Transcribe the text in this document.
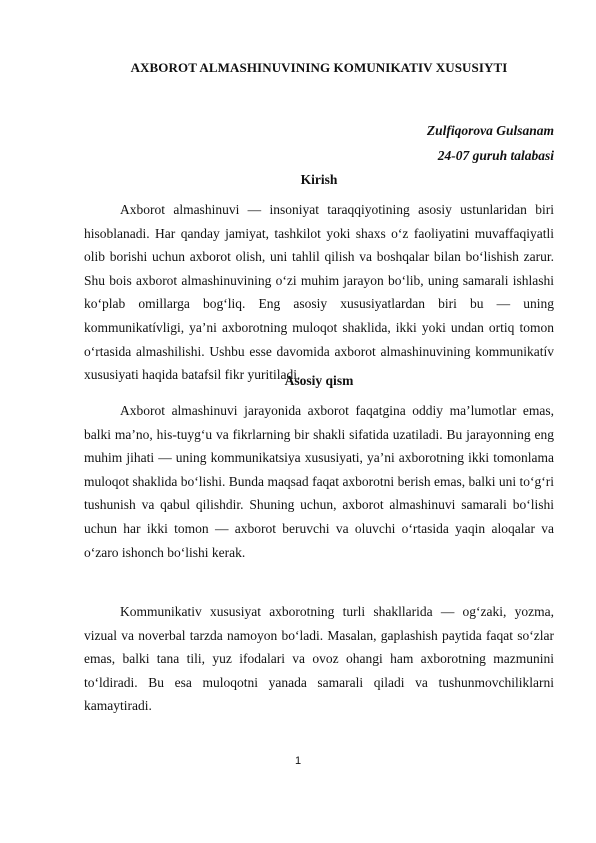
AXBOROT ALMASHINUVINING KOMUNIKATIV XUSUSIYTI
Zulfiqorova Gulsanam
24-07 guruh talabasi
Kirish

Axborot almashinuvi — insoniyat taraqqiyotining asosiy ustunlaridan biri hisoblanadi. Har qanday jamiyat, tashkilot yoki shaxs o‘z faoliyatini muvaffaqiyatli olib borishi uchun axborot olish, uni tahlil qilish va boshqalar bilan bo‘lishish zarur. Shu bois axborot almashinuvining o‘zi muhim jarayon bo‘lib, uning samarali ishlashi ko‘plab omillarga bog‘liq. Eng asosiy xususiyatlardan biri bu — uning kommunikatívligi, ya’ni axborotning muloqot shaklida, ikki yoki undan ortiq tomon o‘rtasida almashilishi. Ushbu esse davomida axborot almashinuvining kommunikatív xususiyati haqida batafsil fikr yuritiladi.

Asosiy qism

Axborot almashinuvi jarayonida axborot faqatgina oddiy ma’lumotlar emas, balki ma’no, his-tuyg‘u va fikrlarning bir shakli sifatida uzatiladi. Bu jarayonning eng muhim jihati — uning kommunikatsiya xususiyati, ya’ni axborotning ikki tomonlama muloqot shaklida bo‘lishi. Bunda maqsad faqat axborotni berish emas, balki uni to‘g‘ri tushunish va qabul qilishdir. Shuning uchun, axborot almashinuvi samarali bo‘lishi uchun har ikki tomon — axborot beruvchi va oluvchi o‘rtasida yaqin aloqalar va o‘zaro ishonch bo‘lishi kerak.

Kommunikativ xususiyat axborotning turli shakllarida — og‘zaki, yozma, vizual va noverbal tarzda namoyon bo‘ladi. Masalan, gaplashish paytida faqat so‘zlar emas, balki tana tili, yuz ifodalari va ovoz ohangi ham axborotning mazmunini to‘ldiradi. Bu esa muloqotni yanada samarali qiladi va tushunmovchiliklarni kamaytiradi.

1
